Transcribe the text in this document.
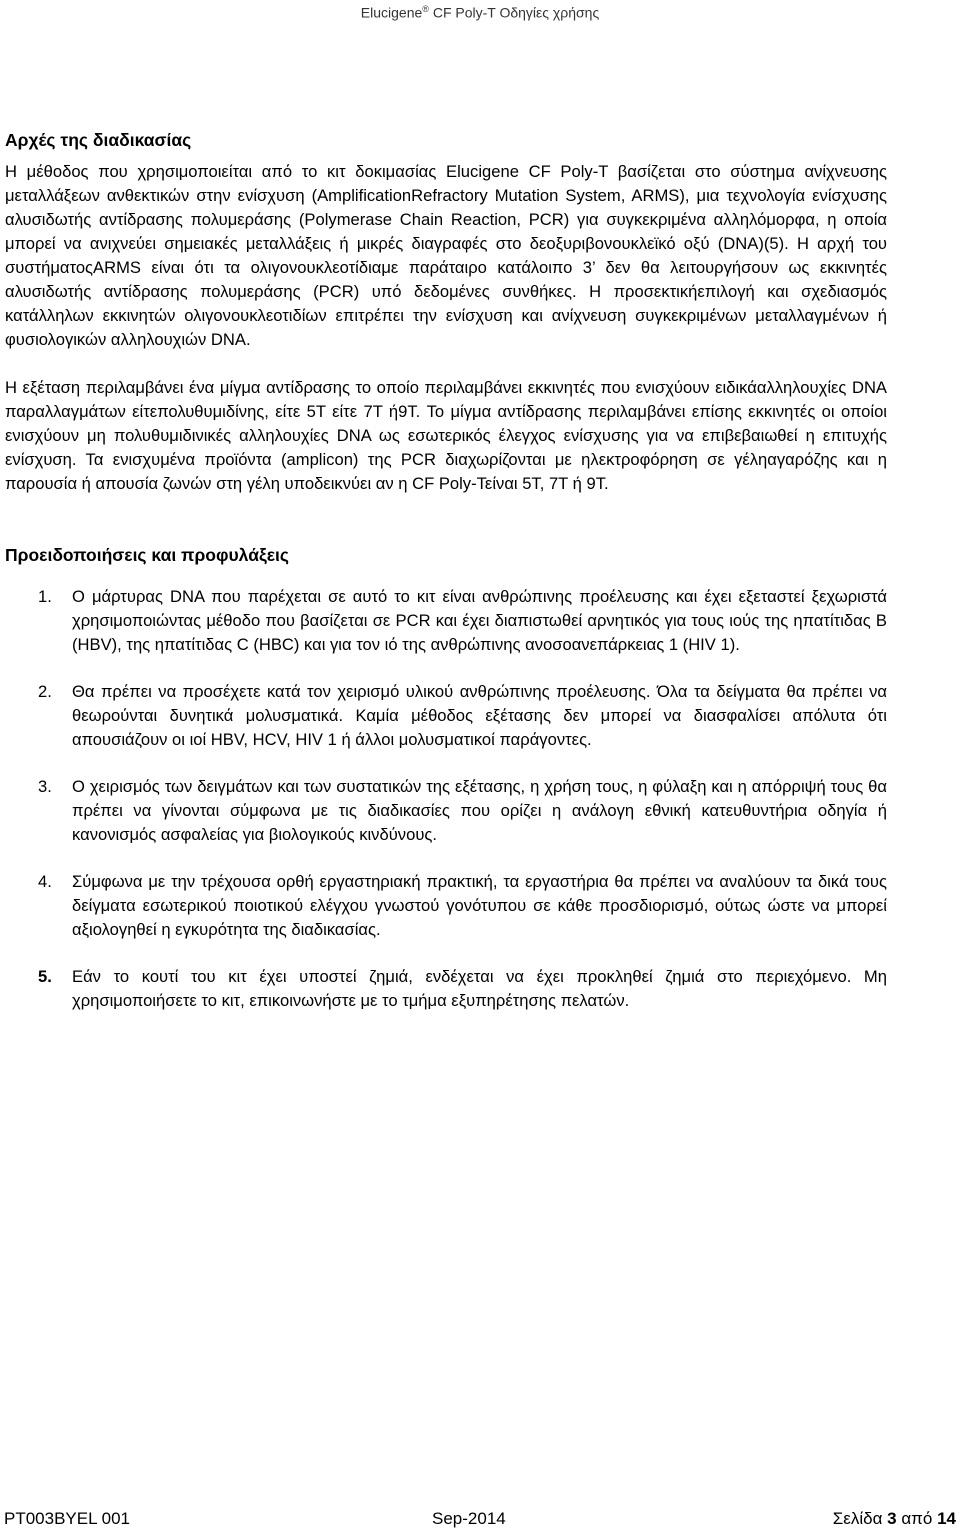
Elucigene® CF Poly-T Οδηγίες χρήσης
Αρχές της διαδικασίας

Η μέθοδος που χρησιμοποιείται από το κιτ δοκιμασίας Elucigene CF Poly-T βασίζεται στο σύστημα ανίχνευσης μεταλλάξεων ανθεκτικών στην ενίσχυση (AmplificationRefractory Mutation System, ARMS), μια τεχνολογία ενίσχυσης αλυσιδωτής αντίδρασης πολυμεράσης (Polymerase Chain Reaction, PCR) για συγκεκριμένα αλληλόμορφα, η οποία μπορεί να ανιχνεύει σημειακές μεταλλάξεις ή μικρές διαγραφές στο δεοξυριβονουκλεϊκό οξύ (DNA)(5). Η αρχή του συστήματοςARMS είναι ότι τα ολιγονουκλεοτίδιαμε παράταιρο κατάλοιπο 3’ δεν θα λειτουργήσουν ως εκκινητές αλυσιδωτής αντίδρασης πολυμεράσης (PCR) υπό δεδομένες συνθήκες. Η προσεκτικήεπιλογή και σχεδιασμός κατάλληλων εκκινητών ολιγονουκλεοτιδίων επιτρέπει την ενίσχυση και ανίχνευση συγκεκριμένων μεταλλαγμένων ή φυσιολογικών αλληλουχιών DNA.

Η εξέταση περιλαμβάνει ένα μίγμα αντίδρασης το οποίο περιλαμβάνει εκκινητές που ενισχύουν ειδικάαλληλουχίες DNA παραλλαγμάτων είτεπολυθυμιδίνης, είτε 5T είτε 7T ή9T. Το μίγμα αντίδρασης περιλαμβάνει επίσης εκκινητές οι οποίοι ενισχύουν μη πολυθυμιδινικές αλληλουχίες DNA ως εσωτερικός έλεγχος ενίσχυσης για να επιβεβαιωθεί η επιτυχής ενίσχυση. Τα ενισχυμένα προϊόντα (amplicon) της PCR διαχωρίζονται με ηλεκτροφόρηση σε γέληαγαρόζης και η παρουσία ή απουσία ζωνών στη γέλη υποδεικνύει αν η CF Poly-Τείναι 5T, 7T ή 9T.

Προειδοποιήσεις και προφυλάξεις
1. Ο μάρτυρας DNA που παρέχεται σε αυτό το κιτ είναι ανθρώπινης προέλευσης και έχει εξεταστεί ξεχωριστά χρησιμοποιώντας μέθοδο που βασίζεται σε PCR και έχει διαπιστωθεί αρνητικός για τους ιούς της ηπατίτιδας B (HBV), της ηπατίτιδας C (HBC) και για τον ιό της ανθρώπινης ανοσοανεπάρκειας 1 (HIV 1).

2. Θα πρέπει να προσέχετε κατά τον χειρισμό υλικού ανθρώπινης προέλευσης. Όλα τα δείγματα θα πρέπει να θεωρούνται δυνητικά μολυσματικά. Καμία μέθοδος εξέτασης δεν μπορεί να διασφαλίσει απόλυτα ότι απουσιάζουν οι ιοί HBV, HCV, HIV 1 ή άλλοι μολυσματικοί παράγοντες.

3. Ο χειρισμός των δειγμάτων και των συστατικών της εξέτασης, η χρήση τους, η φύλαξη και η απόρριψή τους θα πρέπει να γίνονται σύμφωνα με τις διαδικασίες που ορίζει η ανάλογη εθνική κατευθυντήρια οδηγία ή κανονισμός ασφαλείας για βιολογικούς κινδύνους.

4. Σύμφωνα με την τρέχουσα ορθή εργαστηριακή πρακτική, τα εργαστήρια θα πρέπει να αναλύουν τα δικά τους δείγματα εσωτερικού ποιοτικού ελέγχου γνωστού γονότυπου σε κάθε προσδιορισμό, ούτως ώστε να μπορεί αξιολογηθεί η εγκυρότητα της διαδικασίας.

5. Εάν το κουτί του κιτ έχει υποστεί ζημιά, ενδέχεται να έχει προκληθεί ζημιά στο περιεχόμενο. Μη χρησιμοποιήσετε το κιτ, επικοινωνήστε με το τμήμα εξυπηρέτησης πελατών.

PT003BYEL 001	Sep-2014	Σελίδα 3 από 14
